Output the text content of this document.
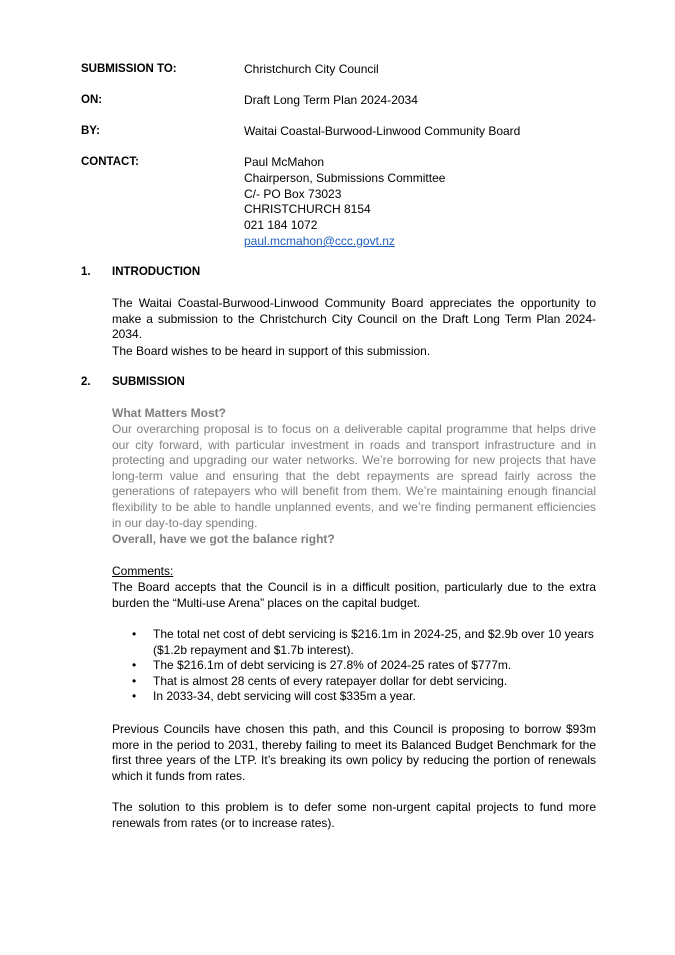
SUBMISSION TO:	Christchurch City Council
ON:	Draft Long Term Plan 2024-2034
BY:	Waitai Coastal-Burwood-Linwood Community Board
CONTACT:	Paul McMahon
Chairperson, Submissions Committee
C/- PO Box 73023
CHRISTCHURCH 8154
021 184 1072
paul.mcmahon@ccc.govt.nz
1. INTRODUCTION

The Waitai Coastal-Burwood-Linwood Community Board appreciates the opportunity to make a submission to the Christchurch City Council on the Draft Long Term Plan 2024-2034.

The Board wishes to be heard in support of this submission.

2. SUBMISSION
What Matters Most?

Our overarching proposal is to focus on a deliverable capital programme that helps drive our city forward, with particular investment in roads and transport infrastructure and in protecting and upgrading our water networks. We’re borrowing for new projects that have long-term value and ensuring that the debt repayments are spread fairly across the generations of ratepayers who will benefit from them. We’re maintaining enough financial flexibility to be able to handle unplanned events, and we’re finding permanent efficiencies in our day-to-day spending.

Overall, have we got the balance right?
Comments:

The Board accepts that the Council is in a difficult position, particularly due to the extra burden the “Multi-use Arena” places on the capital budget.

• The total net cost of debt servicing is $216.1m in 2024-25, and $2.9b over 10 years ($1.2b repayment and $1.7b interest).
• The $216.1m of debt servicing is 27.8% of 2024-25 rates of $777m.
• That is almost 28 cents of every ratepayer dollar for debt servicing.
• In 2033-34, debt servicing will cost $335m a year.

Previous Councils have chosen this path, and this Council is proposing to borrow $93m more in the period to 2031, thereby failing to meet its Balanced Budget Benchmark for the first three years of the LTP. It’s breaking its own policy by reducing the portion of renewals which it funds from rates.

The solution to this problem is to defer some non-urgent capital projects to fund more renewals from rates (or to increase rates).
